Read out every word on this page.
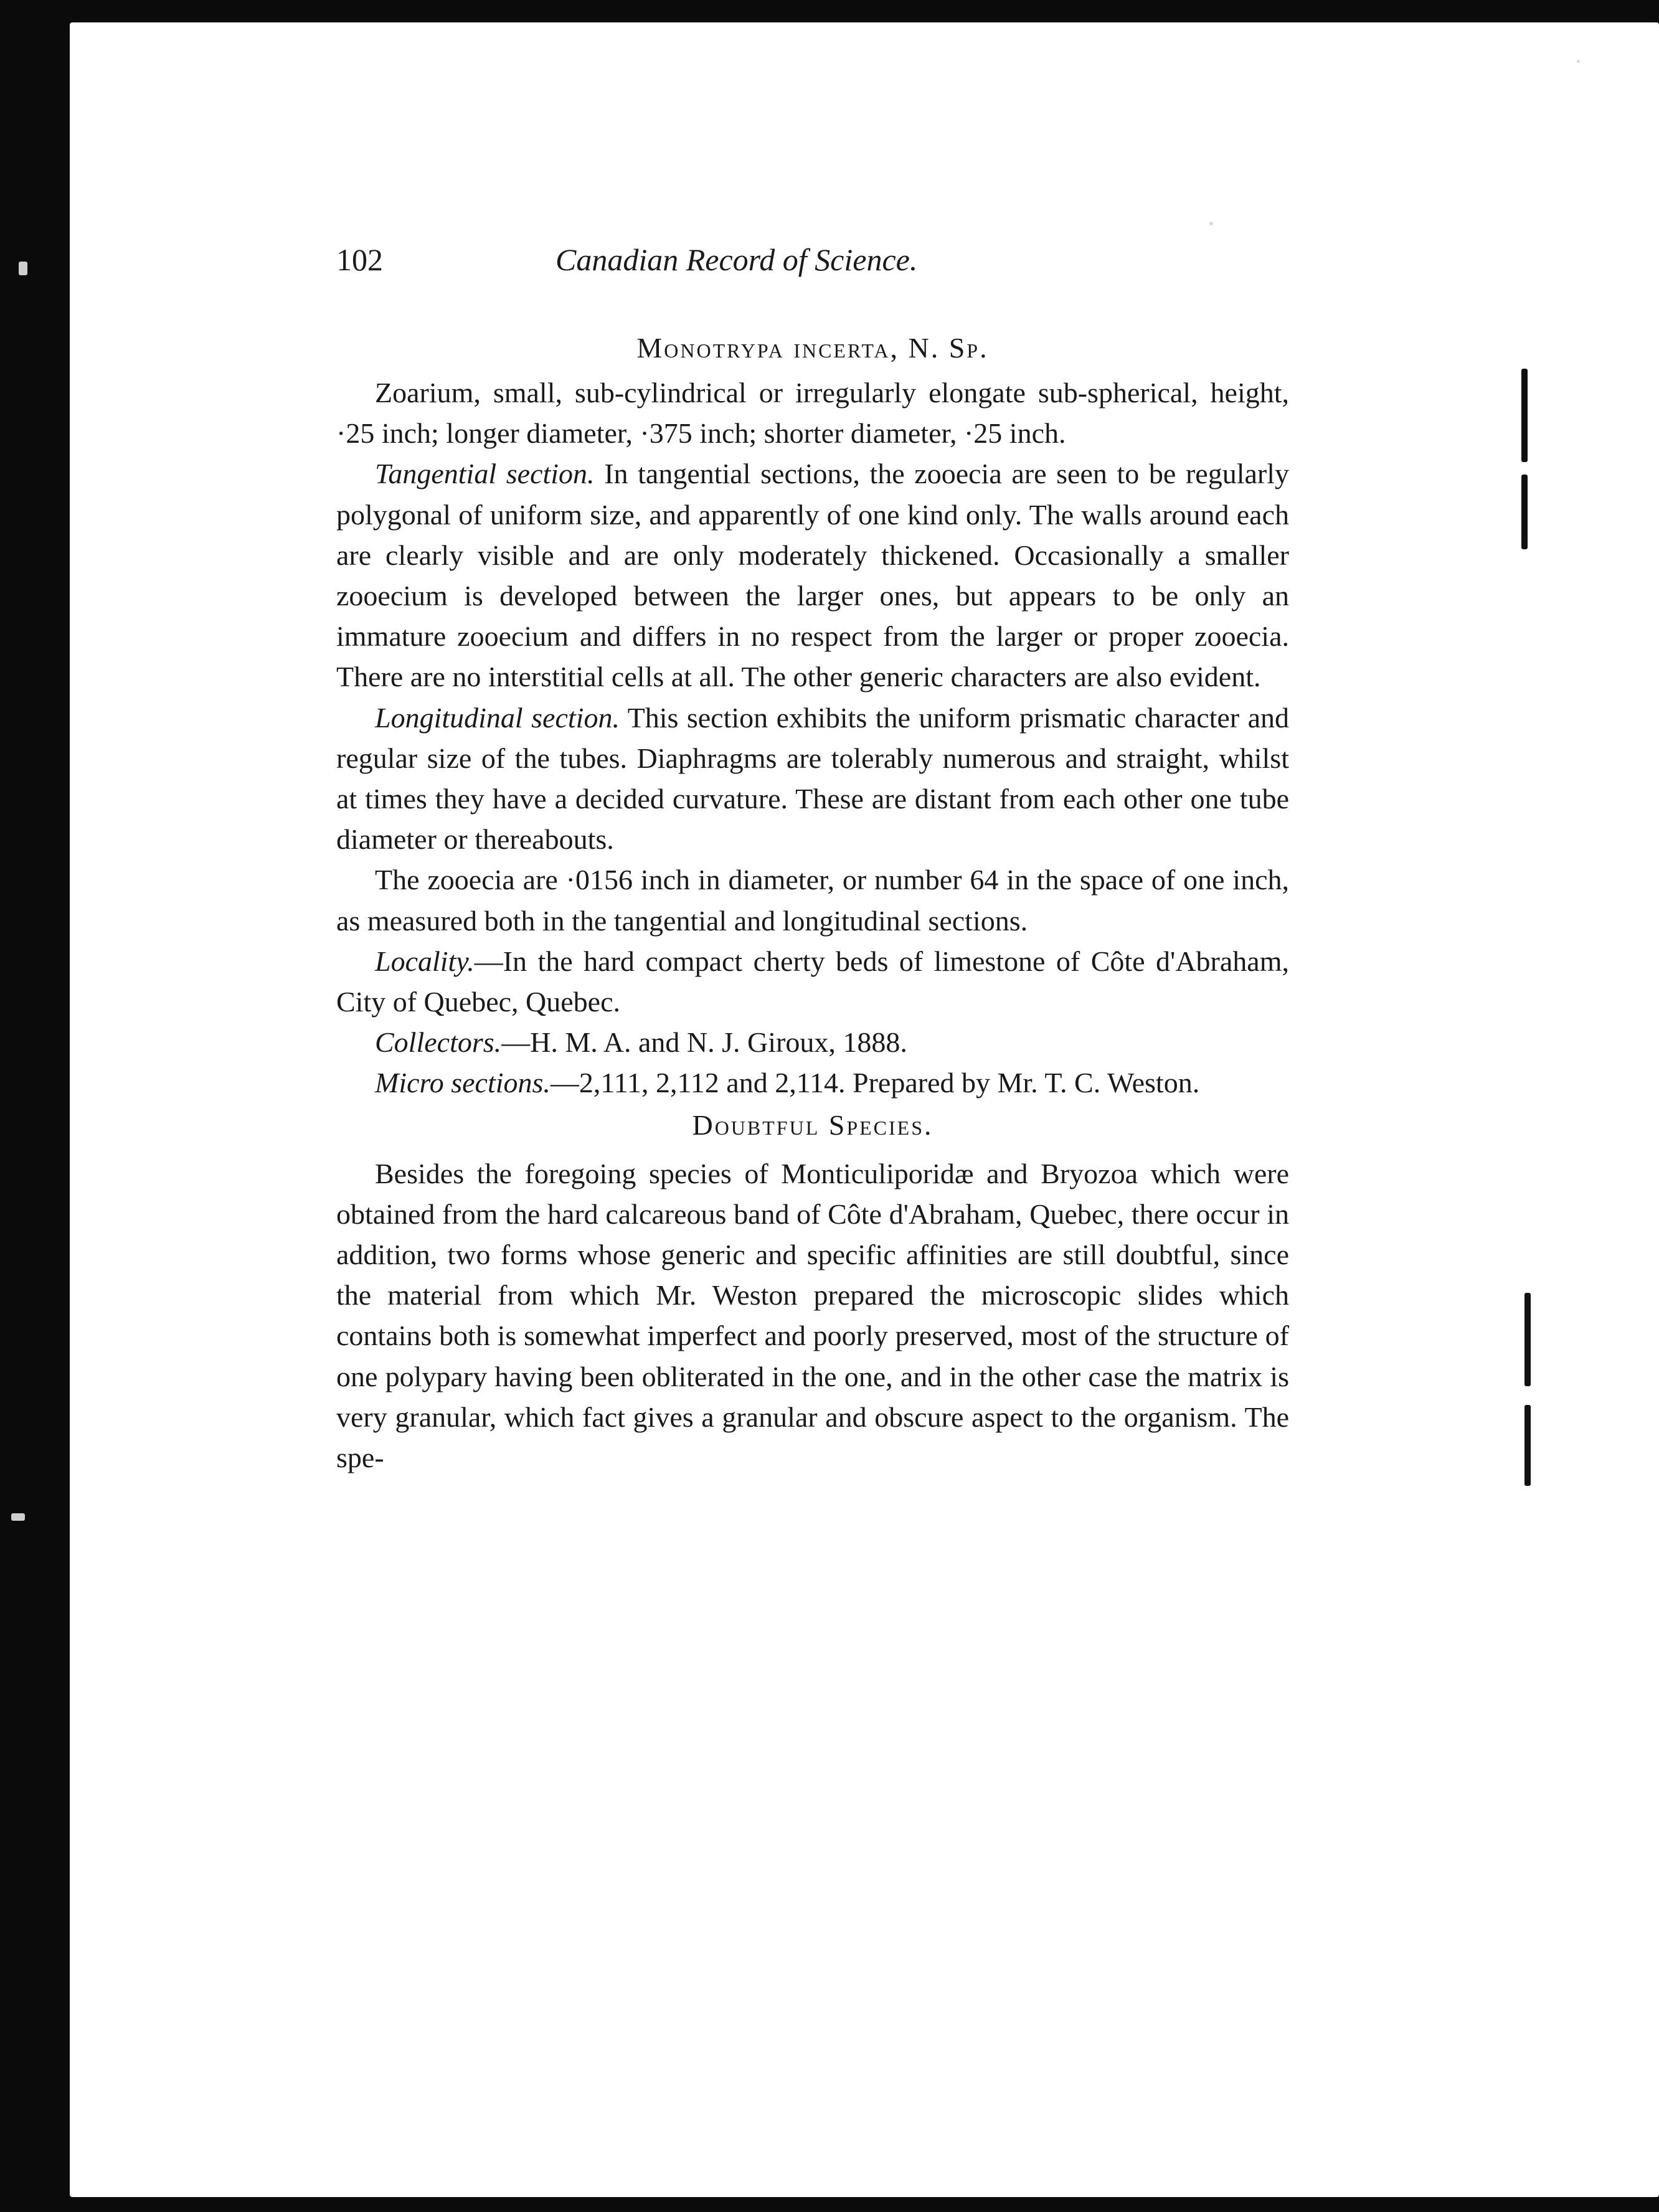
102	Canadian Record of Science.

Monotrypa incerta, N. Sp.

Zoarium, small, sub-cylindrical or irregularly elongate sub-spherical, height, ·25 inch; longer diameter, ·375 inch; shorter diameter, ·25 inch.

Tangential section. In tangential sections, the zooecia are seen to be regularly polygonal of uniform size, and apparently of one kind only. The walls around each are clearly visible and are only moderately thickened. Occasionally a smaller zooecium is developed between the larger ones, but appears to be only an immature zooecium and differs in no respect from the larger or proper zooecia. There are no interstitial cells at all. The other generic characters are also evident.

Longitudinal section. This section exhibits the uniform prismatic character and regular size of the tubes. Diaphragms are tolerably numerous and straight, whilst at times they have a decided curvature. These are distant from each other one tube diameter or thereabouts.

The zooecia are ·0156 inch in diameter, or number 64 in the space of one inch, as measured both in the tangential and longitudinal sections.

Locality.—In the hard compact cherty beds of limestone of Côte d'Abraham, City of Quebec, Quebec.

Collectors.—H. M. A. and N. J. Giroux, 1888.

Micro sections.—2,111, 2,112 and 2,114. Prepared by Mr. T. C. Weston.

Doubtful Species.

Besides the foregoing species of Monticuliporidæ and Bryozoa which were obtained from the hard calcareous band of Côte d'Abraham, Quebec, there occur in addition, two forms whose generic and specific affinities are still doubtful, since the material from which Mr. Weston prepared the microscopic slides which contains both is somewhat imperfect and poorly preserved, most of the structure of one polypary having been obliterated in the one, and in the other case the matrix is very granular, which fact gives a granular and obscure aspect to the organism. The spe-
